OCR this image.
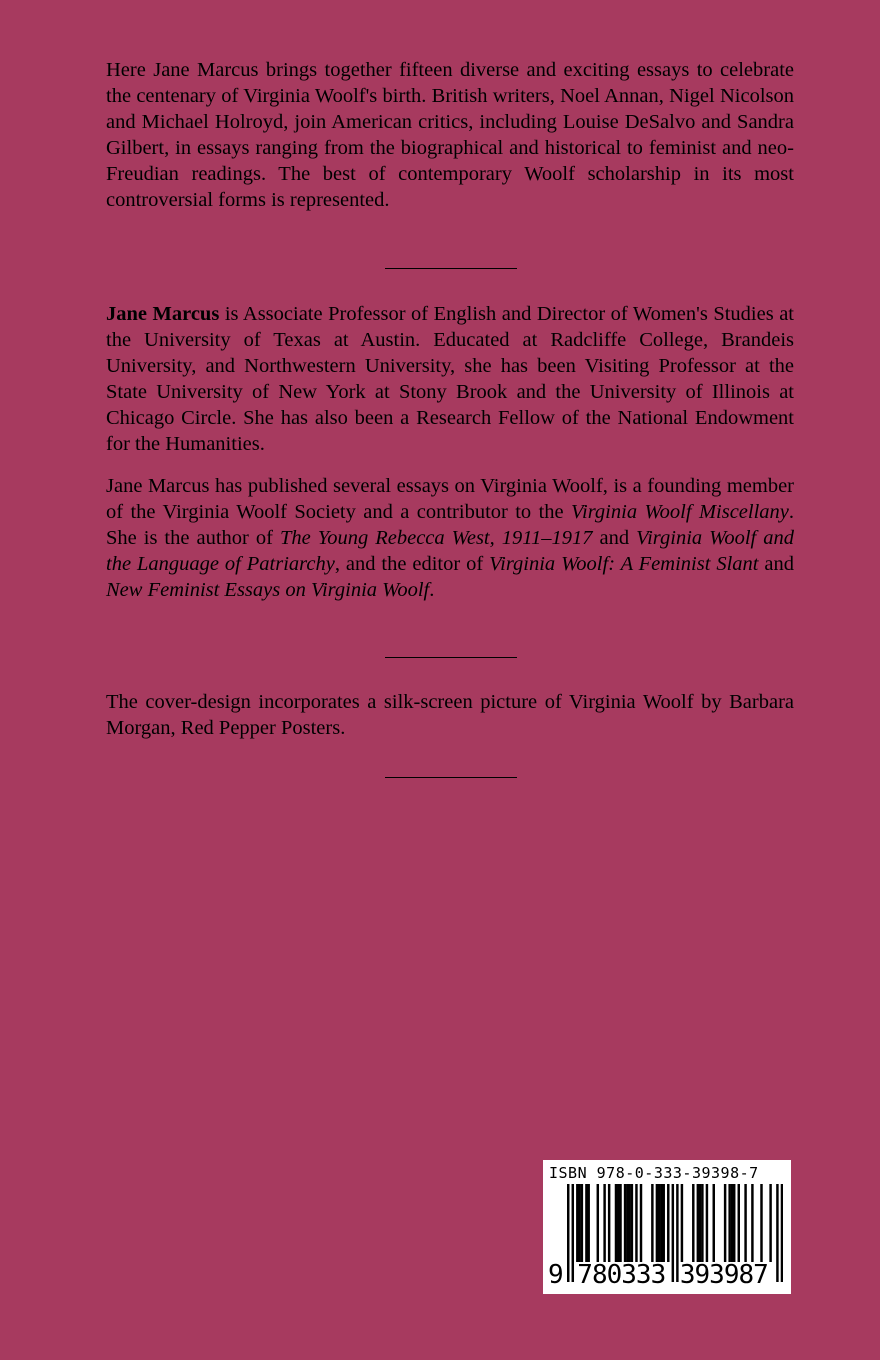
Here Jane Marcus brings together fifteen diverse and exciting essays to celebrate the centenary of Virginia Woolf's birth. British writers, Noel Annan, Nigel Nicolson and Michael Holroyd, join American critics, including Louise DeSalvo and Sandra Gilbert, in essays ranging from the biographical and historical to feminist and neo-Freudian readings. The best of contemporary Woolf scholarship in its most controversial forms is represented.

Jane Marcus is Associate Professor of English and Director of Women's Studies at the University of Texas at Austin. Educated at Radcliffe College, Brandeis University, and Northwestern University, she has been Visiting Professor at the State University of New York at Stony Brook and the University of Illinois at Chicago Circle. She has also been a Research Fellow of the National Endowment for the Humanities.

Jane Marcus has published several essays on Virginia Woolf, is a founding member of the Virginia Woolf Society and a contributor to the Virginia Woolf Miscellany. She is the author of The Young Rebecca West, 1911–1917 and Virginia Woolf and the Language of Patriarchy, and the editor of Virginia Woolf: A Feminist Slant and New Feminist Essays on Virginia Woolf.

The cover-design incorporates a silk-screen picture of Virginia Woolf by Barbara Morgan, Red Pepper Posters.

ISBN 978-0-333-39398-7
9 780333 393987
